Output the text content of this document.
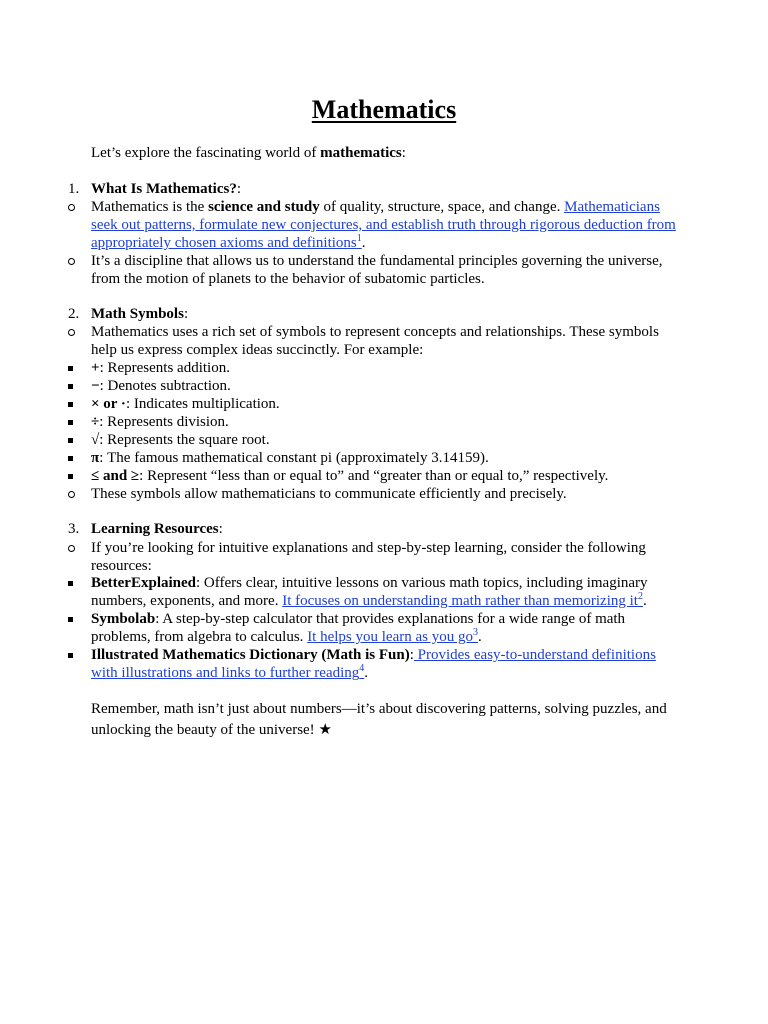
Mathematics
Let’s explore the fascinating world of mathematics:
1. What Is Mathematics?:
Mathematics is the science and study of quality, structure, space, and change. Mathematicians
seek out patterns, formulate new conjectures, and establish truth through rigorous deduction from
appropriately chosen axioms and definitions$^1$.
It’s a discipline that allows us to understand the fundamental principles governing the universe,
from the motion of planets to the behavior of subatomic particles.
2. Math Symbols:
Mathematics uses a rich set of symbols to represent concepts and relationships. These symbols
help us express complex ideas succinctly. For example:
+: Represents addition.
−: Denotes subtraction.
× or ·: Indicates multiplication.
÷: Represents division.
√: Represents the square root.
π: The famous mathematical constant pi (approximately 3.14159).
≤ and ≥: Represent “less than or equal to” and “greater than or equal to,” respectively.
These symbols allow mathematicians to communicate efficiently and precisely.
3. Learning Resources:
If you’re looking for intuitive explanations and step-by-step learning, consider the following
resources:
BetterExplained: Offers clear, intuitive lessons on various math topics, including imaginary
numbers, exponents, and more. It focuses on understanding math rather than memorizing $it^2$.
Symbolab: A step-by-step calculator that provides explanations for a wide range of math
problems, from algebra to calculus. It helps you learn as you $go^3$.
Illustrated Mathematics Dictionary (Math is Fun): Provides easy-to-understand definitions
with illustrations and links to further reading$^4$.
Remember, math isn’t just about numbers—it’s about discovering patterns, solving puzzles, and
unlocking the beauty of the universe! ★
